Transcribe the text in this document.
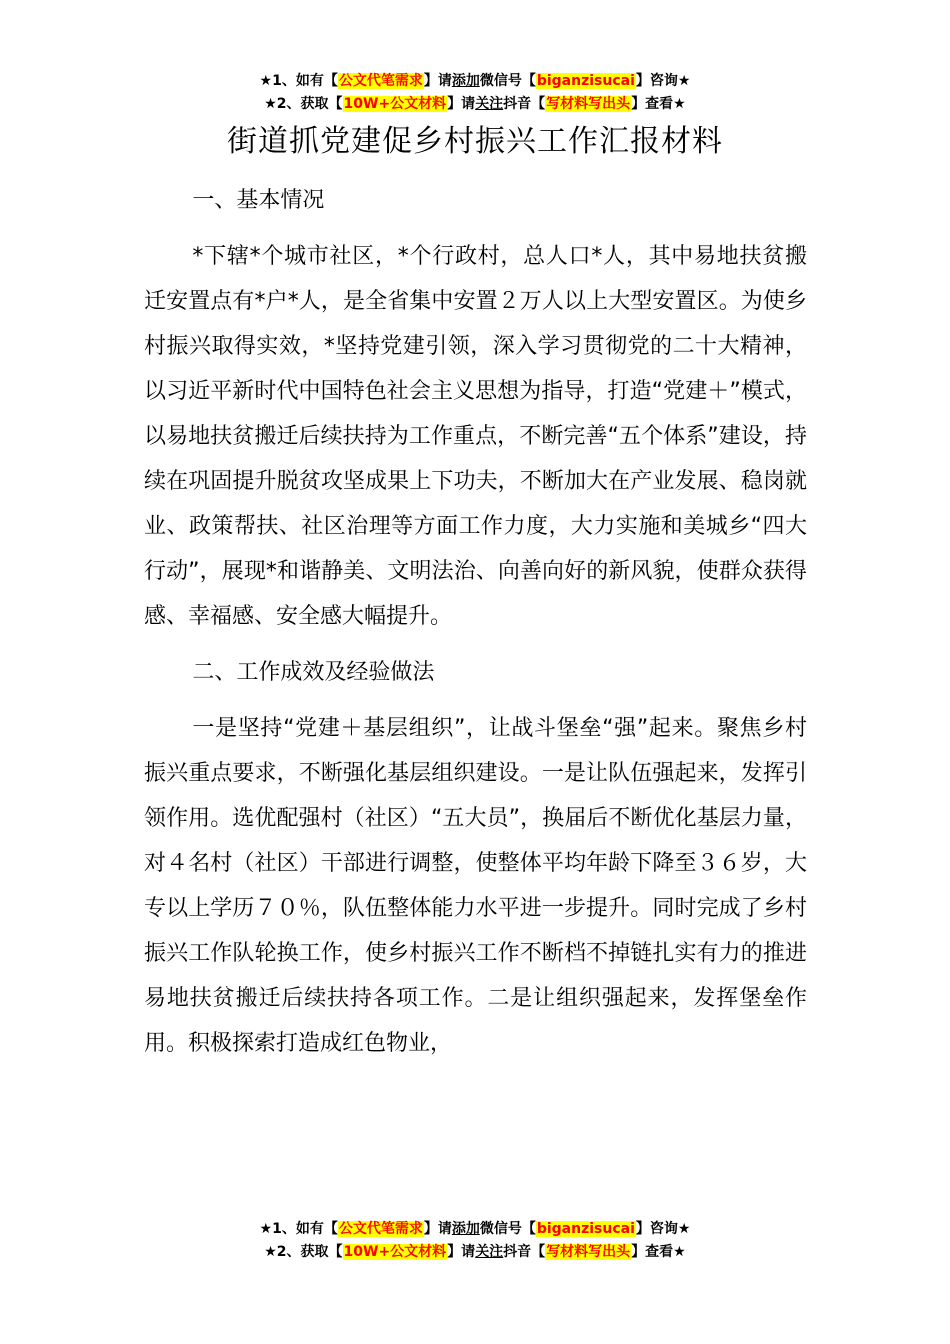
★1、如有【公文代笔需求】请添加微信号【biganzisucai】咨询★
★2、获取【10W+公文材料】请关注抖音【写材料写出头】查看★
街道抓党建促乡村振兴工作汇报材料

一、基本情况

*下辖*个城市社区，*个行政村，总人口*人，其中易地扶贫搬迁安置点有*户*人，是全省集中安置２万人以上大型安置区。为使乡村振兴取得实效，*坚持党建引领，深入学习贯彻党的二十大精神，以习近平新时代中国特色社会主义思想为指导，打造“党建＋”模式，以易地扶贫搬迁后续扶持为工作重点，不断完善“五个体系”建设，持续在巩固提升脱贫攻坚成果上下功夫，不断加大在产业发展、稳岗就业、政策帮扶、社区治理等方面工作力度，大力实施和美城乡“四大行动”，展现*和谐静美、文明法治、向善向好的新风貌，使群众获得感、幸福感、安全感大幅提升。

二、工作成效及经验做法

一是坚持“党建＋基层组织”，让战斗堡垒“强”起来。聚焦乡村振兴重点要求，不断强化基层组织建设。一是让队伍强起来，发挥引领作用。选优配强村（社区）“五大员”，换届后不断优化基层力量，对４名村（社区）干部进行调整，使整体平均年龄下降至３６岁，大专以上学历７０％，队伍整体能力水平进一步提升。同时完成了乡村振兴工作队轮换工作，使乡村振兴工作不断档不掉链扎实有力的推进易地扶贫搬迁后续扶持各项工作。二是让组织强起来，发挥堡垒作用。积极探索打造成红色物业，

★1、如有【公文代笔需求】请添加微信号【biganzisucai】咨询★
★2、获取【10W+公文材料】请关注抖音【写材料写出头】查看★
